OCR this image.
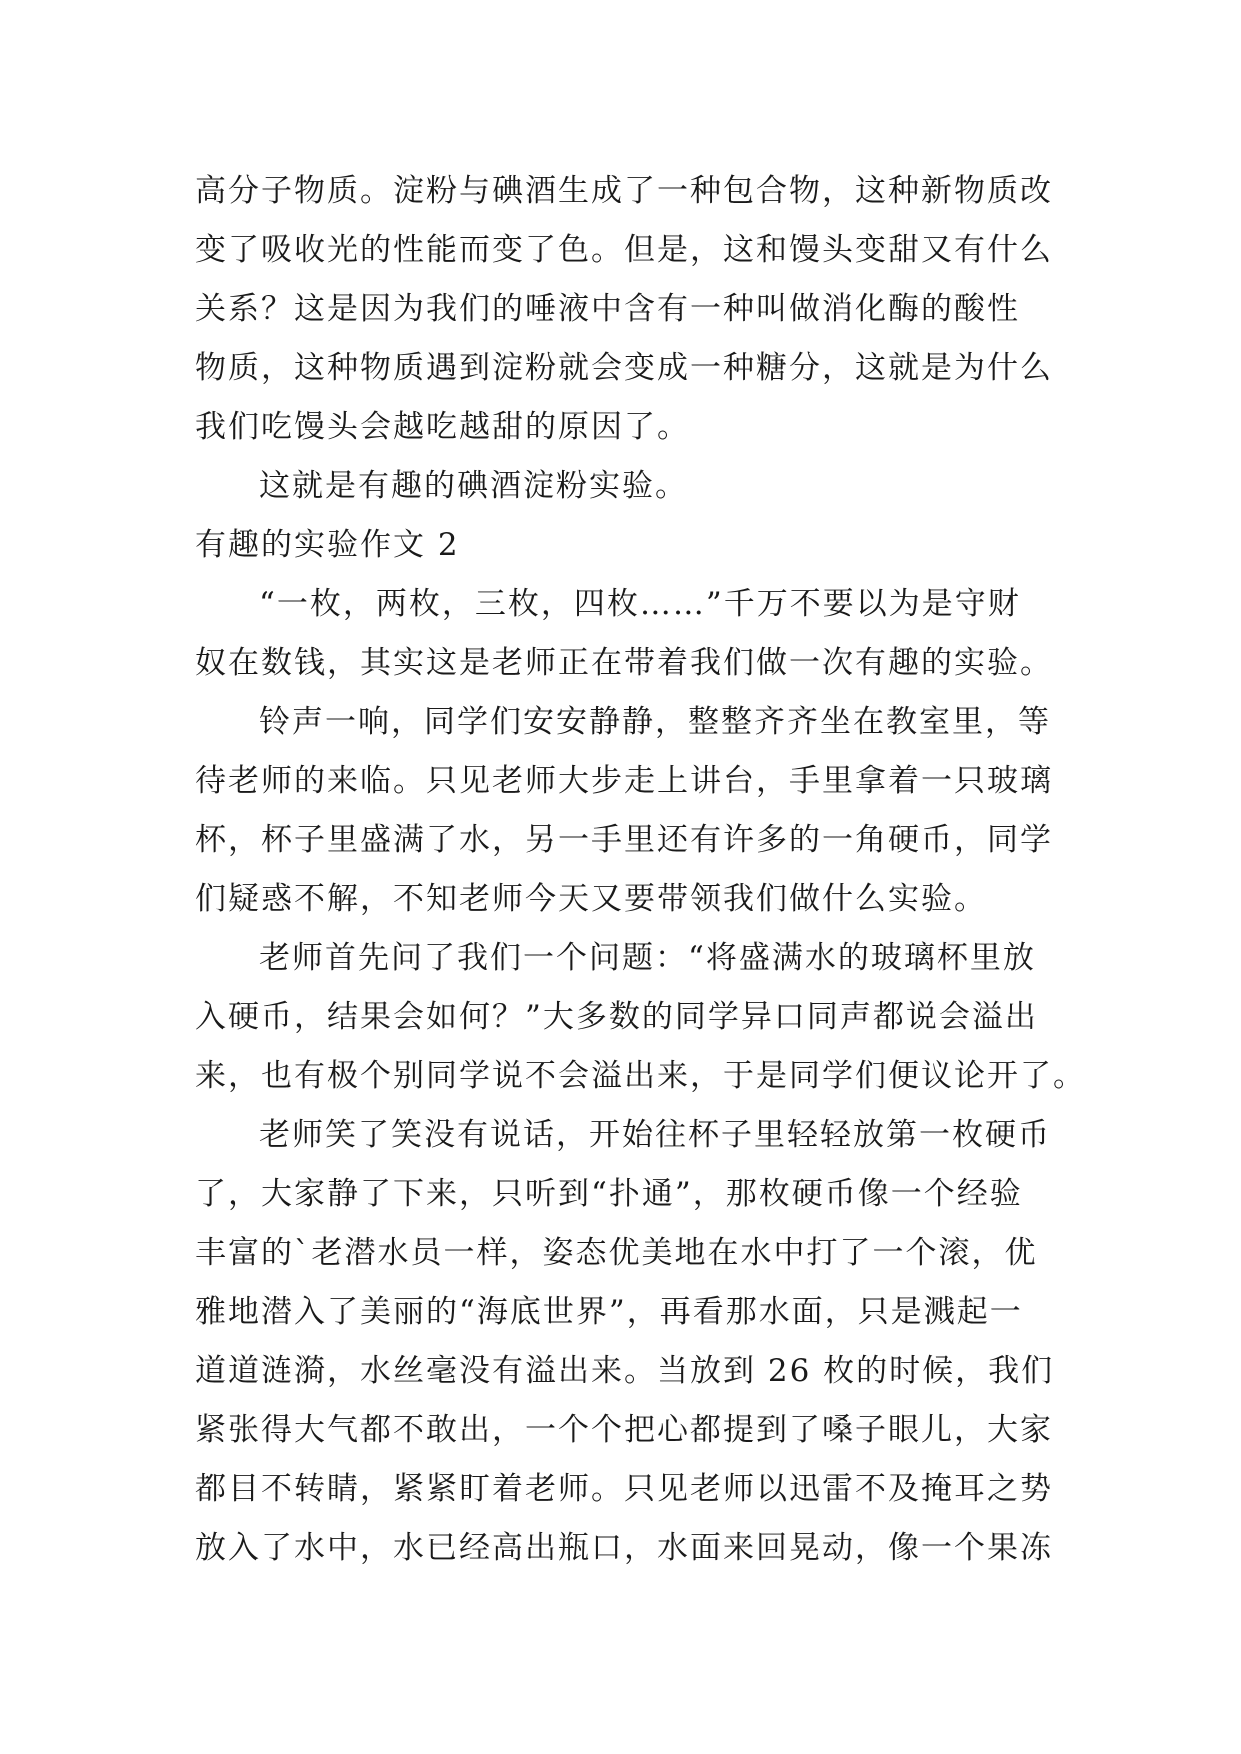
高分子物质。淀粉与碘酒生成了一种包合物，这种新物质改
变了吸收光的性能而变了色。但是，这和馒头变甜又有什么
关系？这是因为我们的唾液中含有一种叫做消化酶的酸性
物质，这种物质遇到淀粉就会变成一种糖分，这就是为什么
我们吃馒头会越吃越甜的原因了。
这就是有趣的碘酒淀粉实验。
有趣的实验作文 2
“一枚，两枚，三枚，四枚……”千万不要以为是守财
奴在数钱，其实这是老师正在带着我们做一次有趣的实验。
铃声一响，同学们安安静静，整整齐齐坐在教室里，等
待老师的来临。只见老师大步走上讲台，手里拿着一只玻璃
杯，杯子里盛满了水，另一手里还有许多的一角硬币，同学
们疑惑不解，不知老师今天又要带领我们做什么实验。
老师首先问了我们一个问题：“将盛满水的玻璃杯里放
入硬币，结果会如何？”大多数的同学异口同声都说会溢出
来，也有极个别同学说不会溢出来，于是同学们便议论开了。
老师笑了笑没有说话，开始往杯子里轻轻放第一枚硬币
了，大家静了下来，只听到“扑通”，那枚硬币像一个经验
丰富的`老潜水员一样，姿态优美地在水中打了一个滚，优
雅地潜入了美丽的“海底世界”，再看那水面，只是溅起一
道道涟漪，水丝毫没有溢出来。当放到 26 枚的时候，我们
紧张得大气都不敢出，一个个把心都提到了嗓子眼儿，大家
都目不转睛，紧紧盯着老师。只见老师以迅雷不及掩耳之势
放入了水中，水已经高出瓶口，水面来回晃动，像一个果冻
